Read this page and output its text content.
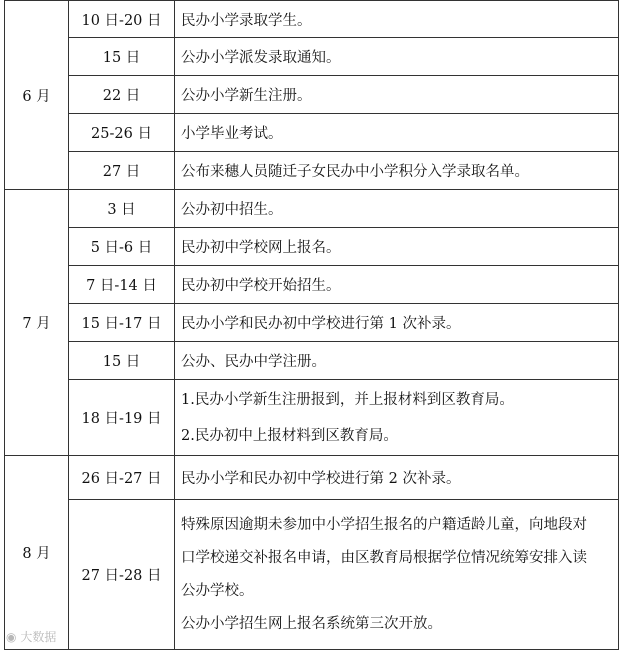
6 月	10 日-20 日	民办小学录取学生。

	15 日	公办小学派发录取通知。

	22 日	公办小学新生注册。

	25-26 日	小学毕业考试。

	27 日	公布来穗人员随迁子女民办中小学积分入学录取名单。

7 月	3 日	公办初中招生。

	5 日-6 日	民办初中学校网上报名。

	7 日-14 日	民办初中学校开始招生。

	15 日-17 日	民办小学和民办初中学校进行第 1 次补录。

	15 日	公办、民办中学注册。

	18 日-19 日	1.民办小学新生注册报到，并上报材料到区教育局。
2.民办初中上报材料到区教育局。

8 月	26 日-27 日	民办小学和民办初中学校进行第 2 次补录。

	27 日-28 日	特殊原因逾期未参加中小学招生报名的户籍适龄儿童，向地段对
口学校递交补报名申请，由区教育局根据学位情况统筹安排入读
公办学校。
公办小学招生网上报名系统第三次开放。
◉ 大数据
